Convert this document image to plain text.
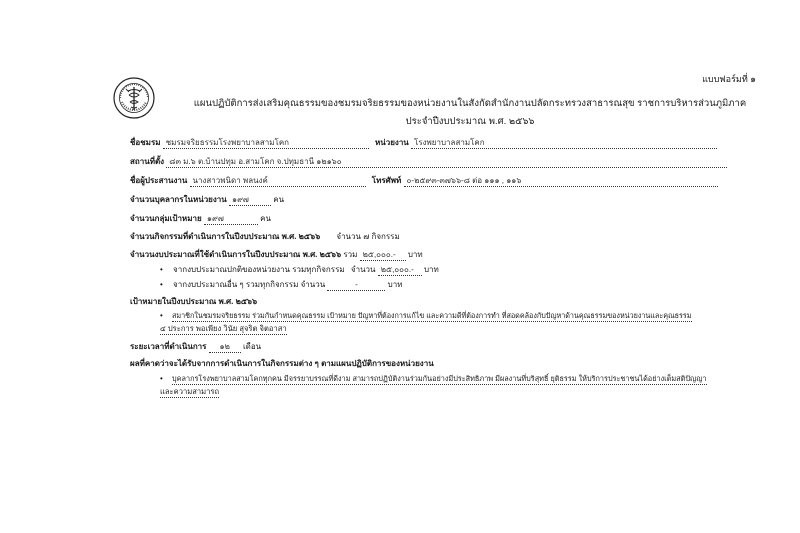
แบบฟอร์มที่ ๑
แผนปฏิบัติการส่งเสริมคุณธรรมของชมรมจริยธรรมของหน่วยงานในสังกัดสำนักงานปลัดกระทรวงสาธารณสุข ราชการบริหารส่วนภูมิภาค
ประจำปีงบประมาณ พ.ศ. ๒๕๖๖
ชื่อชมรม ชมรมจริยธรรมโรงพยาบาลสามโคก	หน่วยงาน โรงพยาบาลสามโคก
สถานที่ตั้ง ๘๓ ม.๖ ต.บ้านปทุม อ.สามโคก จ.ปทุมธานี ๑๒๑๖๐
ชื่อผู้ประสานงาน นางสาวพนิดา พลนงค์	โทรศัพท์ ๐-๒๕๙๓-๓๗๖๖-๘ ต่อ ๑๑๑ , ๑๑๖
จำนวนบุคลากรในหน่วยงาน ๑๙๗	คน
จำนวนกลุ่มเป้าหมาย ๑๙๗	คน
จำนวนกิจกรรมที่ดำเนินการในปีงบประมาณ พ.ศ. ๒๕๖๖ จำนวน ๗ กิจกรรม
จำนวนงบประมาณที่ใช้ดำเนินการในปีงบประมาณ พ.ศ. ๒๕๖๖ รวม ๒๕,๐๐๐.- บาท
• จากงบประมาณปกติของหน่วยงาน รวมทุกกิจกรรม จำนวน ๒๕,๐๐๐.- บาท
• จากงบประมาณอื่น ๆ รวมทุกกิจกรรม จำนวน	-	บาท
เป้าหมายในปีงบประมาณ พ.ศ. ๒๕๖๖
• สมาชิกในชมรมจริยธรรม ร่วมกันกำหนดคุณธรรม เป้าหมาย ปัญหาที่ต้องการแก้ไข และความดีที่ต้องการทำ ที่สอดคล้องกับปัญหาด้านคุณธรรมของหน่วยงานและคุณธรรม
๔ ประการ พอเพียง วินัย สุจริต จิตอาสา
ระยะเวลาที่ดำเนินการ ๑๒ เดือน
ผลที่คาดว่าจะได้รับจากการดำเนินการในกิจกรรมต่าง ๆ ตามแผนปฏิบัติการของหน่วยงาน
• บุคลากรโรงพยาบาลสามโคกทุกคน มีจรรยาบรรณที่ดีงาม สามารถปฏิบัติงานร่วมกันอย่างมีประสิทธิภาพ มีผลงานที่บริสุทธิ์ ยุติธรรม ให้บริการประชาชนได้อย่างเต็มสติปัญญา
และความสามารถ
